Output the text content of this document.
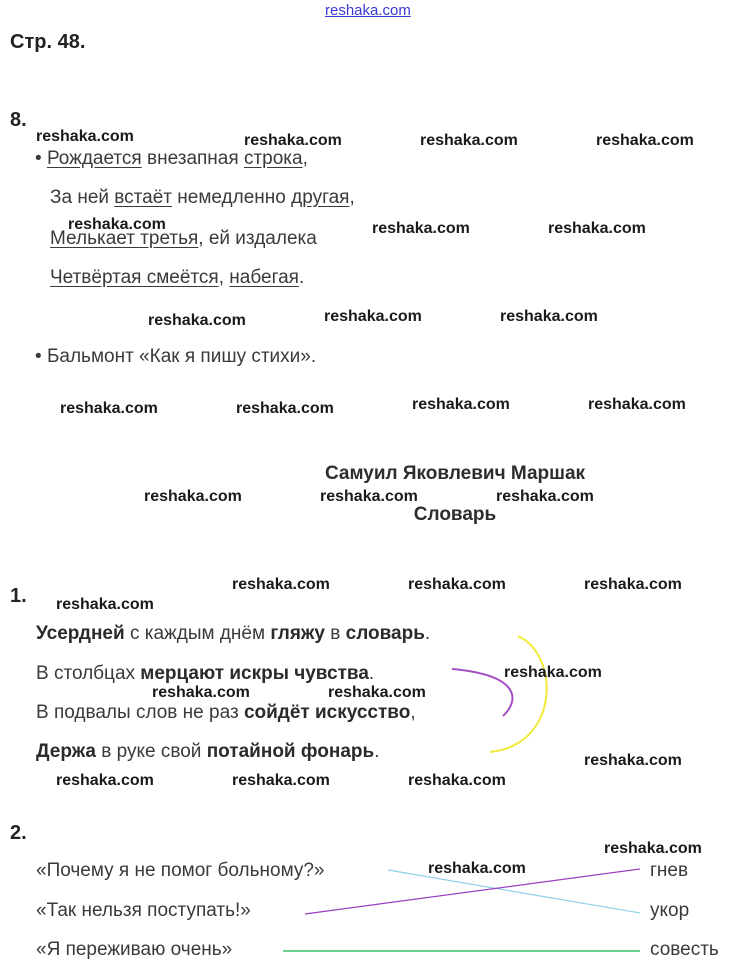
reshaka.com
Стр. 48.
8.
• Рождается внезапная строка,
За ней встаёт немедленно другая,
Мелькает третья, ей издалека
Четвёртая смеётся, набегая.
• Бальмонт «Как я пишу стихи».
Самуил Яковлевич Маршак
Словарь
1.
Усердней с каждым днём гляжу в словарь.
В столбцах мерцают искры чувства.
В подвалы слов не раз сойдёт искусство,
Держа в руке свой потайной фонарь.
2.
«Почему я не помог больному?»
«Так нельзя поступать!»
«Я переживаю очень»
гнев
укор
совесть
reshaka.com	reshaka.com	reshaka.com	reshaka.com
reshaka.com	reshaka.com	reshaka.com
reshaka.com	reshaka.com	reshaka.com
reshaka.com	reshaka.com	reshaka.com	reshaka.com
reshaka.com	reshaka.com	reshaka.com
reshaka.com	reshaka.com	reshaka.com
reshaka.com
reshaka.com
reshaka.com	reshaka.com
reshaka.com
reshaka.com	reshaka.com	reshaka.com
reshaka.com
reshaka.com
